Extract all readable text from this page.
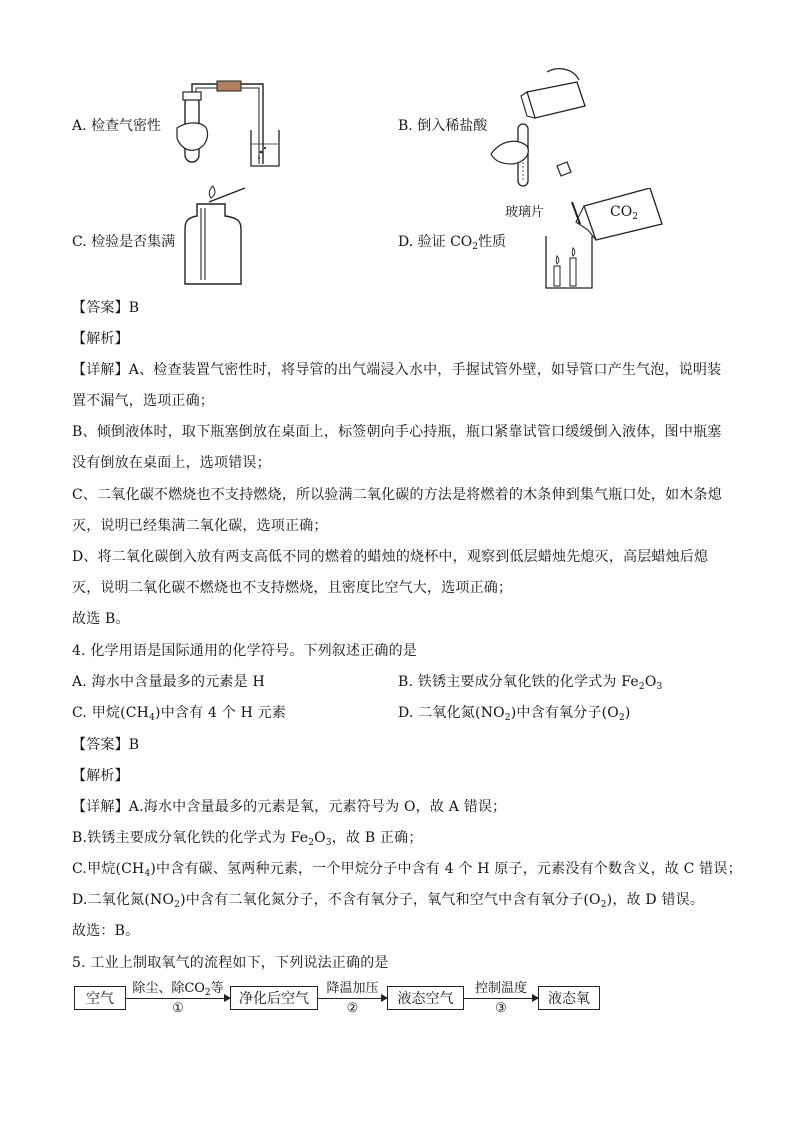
A. 检查气密性	B. 倒入稀盐酸
C. 检验是否集满	D. 验证 $CO_2$性质
玻璃片	$CO_2$
【答案】B
【解析】
【详解】A、检查装置气密性时，将导管的出气端浸入水中，手握试管外壁，如导管口产生气泡，说明装
置不漏气，选项正确；
B、倾倒液体时，取下瓶塞倒放在桌面上，标签朝向手心持瓶，瓶口紧靠试管口缓缓倒入液体，图中瓶塞
没有倒放在桌面上，选项错误；
C、二氧化碳不燃烧也不支持燃烧，所以验满二氧化碳的方法是将燃着的木条伸到集气瓶口处，如木条熄
灭，说明已经集满二氧化碳，选项正确；
D、将二氧化碳倒入放有两支高低不同的燃着的蜡烛的烧杯中，观察到低层蜡烛先熄灭，高层蜡烛后熄
灭，说明二氧化碳不燃烧也不支持燃烧，且密度比空气大，选项正确；
故选 B。
4. 化学用语是国际通用的化学符号。下列叙述正确的是
A. 海水中含量最多的元素是 H	B. 铁锈主要成分氧化铁的化学式为 $Fe_2O_3$
C. 甲烷$(CH_4)$中含有 4 个 H 元素	D. 二氧化氮$(NO_2)$中含有氧分子$(O_2)$
【答案】B
【解析】
【详解】A.海水中含量最多的元素是氧，元素符号为 O，故 A 错误；
B.铁锈主要成分氧化铁的化学式为 $Fe_2O_3$，故 B 正确；
C.甲烷$(CH_4)$中含有碳、氢两种元素，一个甲烷分子中含有 4 个 H 原子，元素没有个数含义，故 C 错误；
D.二氧化氮$(NO_2)$中含有二氧化氮分子，不含有氧分子，氧气和空气中含有氧分子$(O_2)$，故 D 错误。
故选：B。
5. 工业上制取氧气的流程如下，下列说法正确的是
空气
除尘、除$CO_2$等
①
净化后空气
降温加压
②
液态空气
控制温度
③
液态氧
